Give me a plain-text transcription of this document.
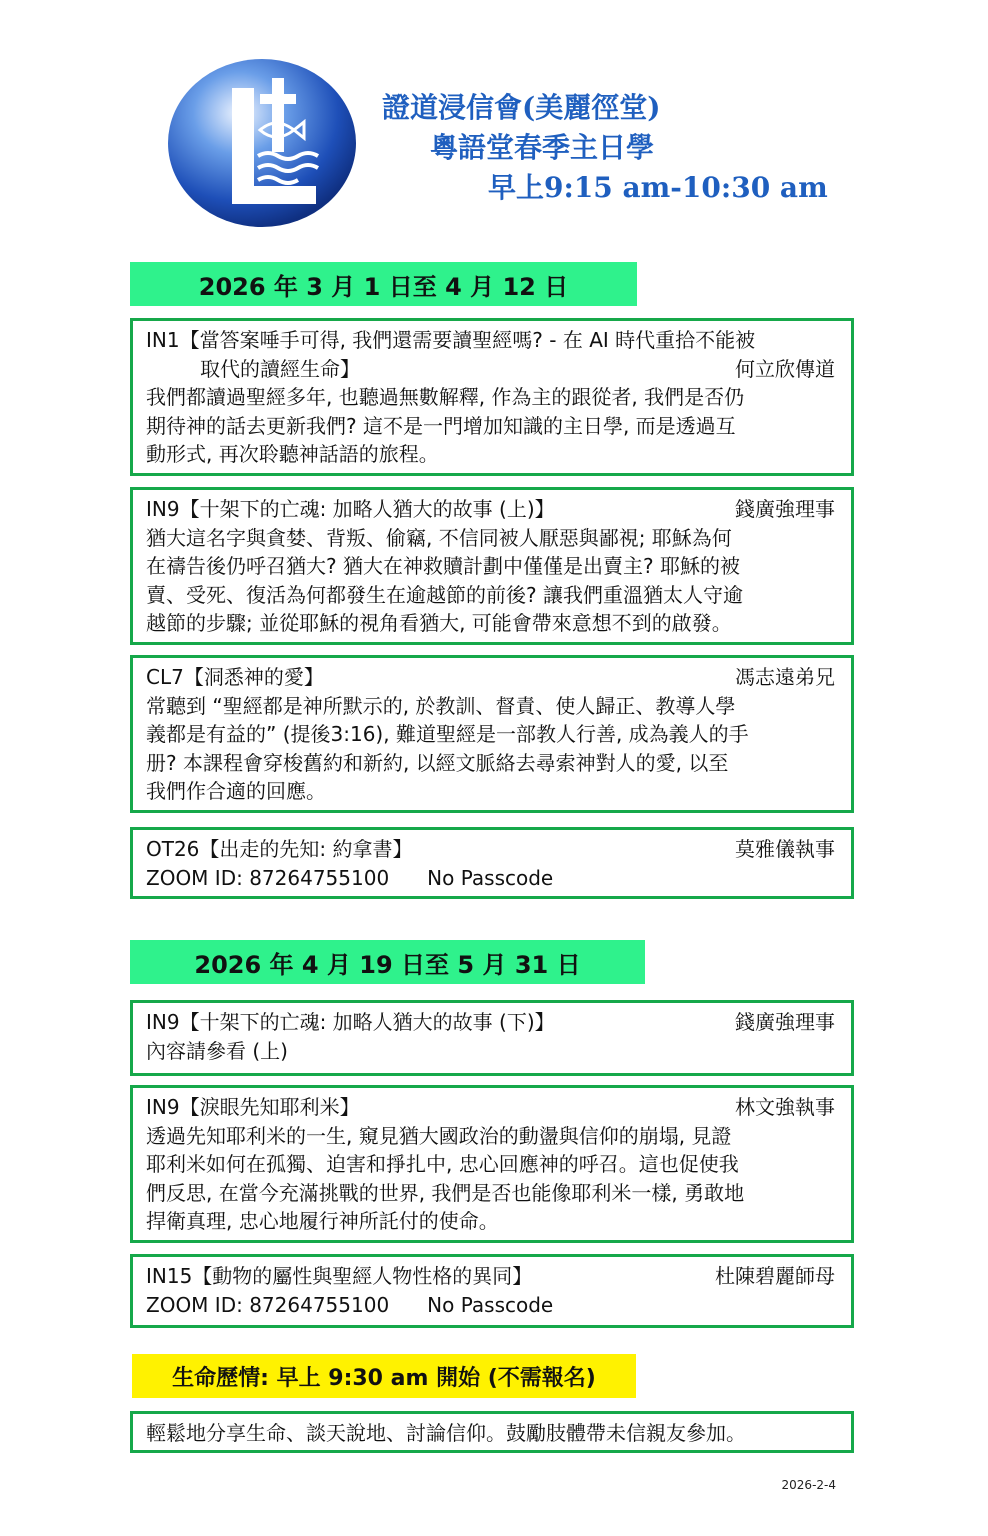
證道浸信會(美麗徑堂)
粵語堂春季主日學
早上9:15 am-10:30 am
2026 年 3 月 1 日至 4 月 12 日
IN1【當答案唾手可得, 我們還需要讀聖經嗎? - 在 AI 時代重拾不能被
取代的讀經生命】	何立欣傳道
我們都讀過聖經多年, 也聽過無數解釋, 作為主的跟從者, 我們是否仍
期待神的話去更新我們? 這不是一門增加知識的主日學, 而是透過互
動形式, 再次聆聽神話語的旅程。
IN9【十架下的亡魂: 加略人猶大的故事 (上)】	錢廣強理事
猶大這名字與貪婪、背叛、偷竊, 不信同被人厭惡與鄙視; 耶穌為何
在禱告後仍呼召猶大? 猶大在神救贖計劃中僅僅是出賣主? 耶穌的被
賣、受死、復活為何都發生在逾越節的前後? 讓我們重溫猶太人守逾
越節的步驟; 並從耶穌的視角看猶大, 可能會帶來意想不到的啟發。
CL7【洞悉神的愛】	馮志遠弟兄
常聽到 “聖經都是神所默示的, 於教訓、督責、使人歸正、教導人學
義都是有益的” (提後3:16), 難道聖經是一部教人行善, 成為義人的手
册? 本課程會穿梭舊約和新約, 以經文脈絡去尋索神對人的愛, 以至
我們作合適的回應。
OT26【出走的先知: 約拿書】	莫雅儀執事
ZOOM ID: 87264755100 No Passcode
2026 年 4 月 19 日至 5 月 31 日
IN9【十架下的亡魂: 加略人猶大的故事 (下)】	錢廣強理事
內容請參看 (上)
IN9【淚眼先知耶利米】	林文強執事
透過先知耶利米的一生, 窺見猶大國政治的動盪與信仰的崩塌, 見證
耶利米如何在孤獨、迫害和掙扎中, 忠心回應神的呼召。這也促使我
們反思, 在當今充滿挑戰的世界, 我們是否也能像耶利米一樣, 勇敢地
捍衛真理, 忠心地履行神所託付的使命。
IN15【動物的屬性與聖經人物性格的異同】	杜陳碧麗師母
ZOOM ID: 87264755100 No Passcode
生命歷情: 早上 9:30 am 開始 (不需報名)
輕鬆地分享生命、談天說地、討論信仰。鼓勵肢體帶未信親友參加。
2026-2-4
